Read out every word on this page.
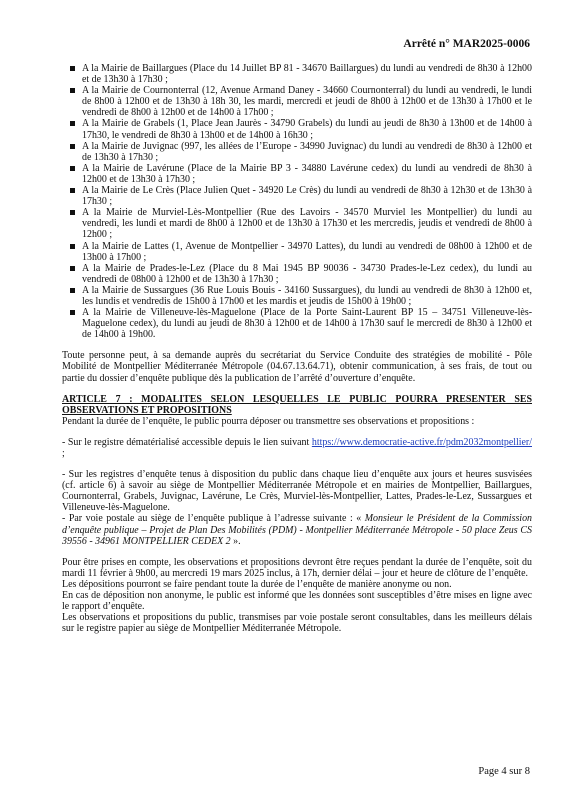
Arrêté n° MAR2025-0006
A la Mairie de Baillargues (Place du 14 Juillet BP 81 - 34670 Baillargues) du lundi au vendredi de 8h30 à 12h00 et de 13h30 à 17h30 ;
A la Mairie de Cournonterral (12, Avenue Armand Daney - 34660 Cournonterral) du lundi au vendredi, le lundi de 8h00 à 12h00 et de 13h30 à 18h 30, les mardi, mercredi et jeudi de 8h00 à 12h00 et de 13h30 à 17h00 et le vendredi de 8h00 à 12h00 et de 14h00 à 17h00 ;
A la Mairie de Grabels (1, Place Jean Jaurès - 34790 Grabels) du lundi au jeudi de 8h30 à 13h00 et de 14h00 à 17h30, le vendredi de 8h30 à 13h00 et de 14h00 à 16h30 ;
A la Mairie de Juvignac (997, les allées de l’Europe - 34990 Juvignac) du lundi au vendredi de 8h30 à 12h00 et de 13h30 à 17h30 ;
A la Mairie de Lavérune (Place de la Mairie BP 3 - 34880 Lavérune cedex) du lundi au vendredi de 8h30 à 12h00 et de 13h30 à 17h30 ;
A la Mairie de Le Crès (Place Julien Quet - 34920 Le Crès) du lundi au vendredi de 8h30 à 12h30 et de 13h30 à 17h30 ;
A la Mairie de Murviel-Lès-Montpellier (Rue des Lavoirs - 34570 Murviel les Montpellier) du lundi au vendredi, les lundi et mardi de 8h00 à 12h00 et de 13h30 à 17h30 et les mercredis, jeudis et vendredi de 8h00 à 12h00 ;
A la Mairie de Lattes (1, Avenue de Montpellier - 34970 Lattes), du lundi au vendredi de 08h00 à 12h00 et de 13h00 à 17h00 ;
A la Mairie de Prades-le-Lez (Place du 8 Mai 1945 BP 90036 - 34730 Prades-le-Lez cedex), du lundi au vendredi de 08h00 à 12h00 et de 13h30 à 17h30 ;
A la Mairie de Sussargues (36 Rue Louis Bouis - 34160 Sussargues), du lundi au vendredi de 8h30 à 12h00 et, les lundis et vendredis de 15h00 à 17h00 et les mardis et jeudis de 15h00 à 19h00 ;
A la Mairie de Villeneuve-lès-Maguelone (Place de la Porte Saint-Laurent BP 15 – 34751 Villeneuve-lès-Maguelone cedex), du lundi au jeudi de 8h30 à 12h00 et de 14h00 à 17h30 sauf le mercredi de 8h30 à 12h00 et de 14h00 à 19h00.

Toute personne peut, à sa demande auprès du secrétariat du Service Conduite des stratégies de mobilité - Pôle Mobilité de Montpellier Méditerranée Métropole (04.67.13.64.71), obtenir communication, à ses frais, de tout ou partie du dossier d’enquête publique dès la publication de l’arrêté d’ouverture d’enquête.

ARTICLE 7 : MODALITES SELON LESQUELLES LE PUBLIC POURRA PRESENTER SES OBSERVATIONS ET PROPOSITIONS

Pendant la durée de l’enquête, le public pourra déposer ou transmettre ses observations et propositions :

- Sur le registre dématérialisé accessible depuis le lien suivant https://www.democratie-active.fr/pdm2032montpellier/ ;

- Sur les registres d’enquête tenus à disposition du public dans chaque lieu d’enquête aux jours et heures susvisées (cf. article 6) à savoir au siège de Montpellier Méditerranée Métropole et en mairies de Montpellier, Baillargues, Cournonterral, Grabels, Juvignac, Lavérune, Le Crès, Murviel-lès-Montpellier, Lattes, Prades-le-Lez, Sussargues et Villeneuve-lès-Maguelone.

- Par voie postale au siège de l’enquête publique à l’adresse suivante : « Monsieur le Président de la Commission d’enquête publique – Projet de Plan Des Mobilités (PDM) - Montpellier Méditerranée Métropole - 50 place Zeus CS 39556 - 34961 MONTPELLIER CEDEX 2 ».

Pour être prises en compte, les observations et propositions devront être reçues pendant la durée de l’enquête, soit du mardi 11 février à 9h00, au mercredi 19 mars 2025 inclus, à 17h, dernier délai – jour et heure de clôture de l’enquête.

Les dépositions pourront se faire pendant toute la durée de l’enquête de manière anonyme ou non.

En cas de déposition non anonyme, le public est informé que les données sont susceptibles d’être mises en ligne avec le rapport d’enquête.

Les observations et propositions du public, transmises par voie postale seront consultables, dans les meilleurs délais sur le registre papier au siège de Montpellier Méditerranée Métropole.

Page 4 sur 8
